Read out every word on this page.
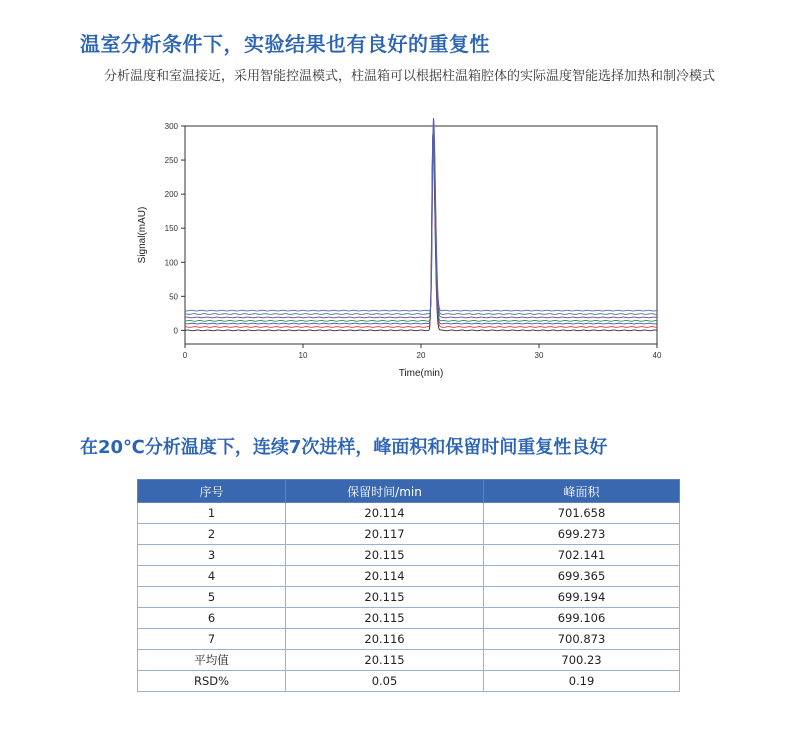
温室分析条件下，实验结果也有良好的重复性
分析温度和室温接近，采用智能控温模式，柱温箱可以根据柱温箱腔体的实际温度智能选择加热和制冷模式
0
50
100
150
200
250
300
0	10	20	30	40
Time(min)
Signal(mAU)
在20℃分析温度下，连续7次进样，峰面积和保留时间重复性良好
序号	保留时间/min	峰面积
1	20.114	701.658
2	20.117	699.273
3	20.115	702.141
4	20.114	699.365
5	20.115	699.194
6	20.115	699.106
7	20.116	700.873
平均值	20.115	700.23
RSD%	0.05	0.19
